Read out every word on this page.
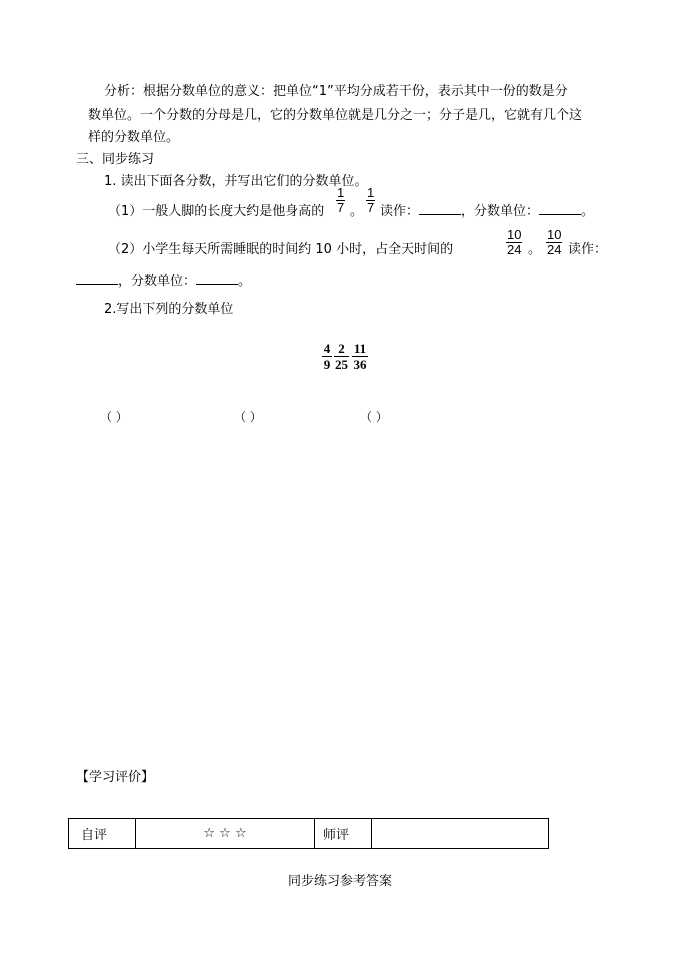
分析：根据分数单位的意义：把单位“1”平均分成若干份，表示其中一份的数是分
数单位。一个分数的分母是几，它的分数单位就是几分之一；分子是几，它就有几个这
样的分数单位。
三、同步练习
1. 读出下面各分数，并写出它们的分数单位。
（1）一般人脚的长度大约是他身高的 $\frac{1}{7}$ 。 $\frac{1}{7}$ 读作：	，分数单位：	。
（2）小学生每天所需睡眠的时间约 10 小时，占全天时间的	$\frac{10}{24}$ 。 $\frac{10}{24}$ 读作：
，分数单位：	。
2.写出下列的分数单位
$\frac{4}{9} \frac{2}{25} \frac{11}{36}$
（ ）	（ ）	（ ）
【学习评价】
自评	☆ ☆ ☆	师评	
同步练习参考答案
